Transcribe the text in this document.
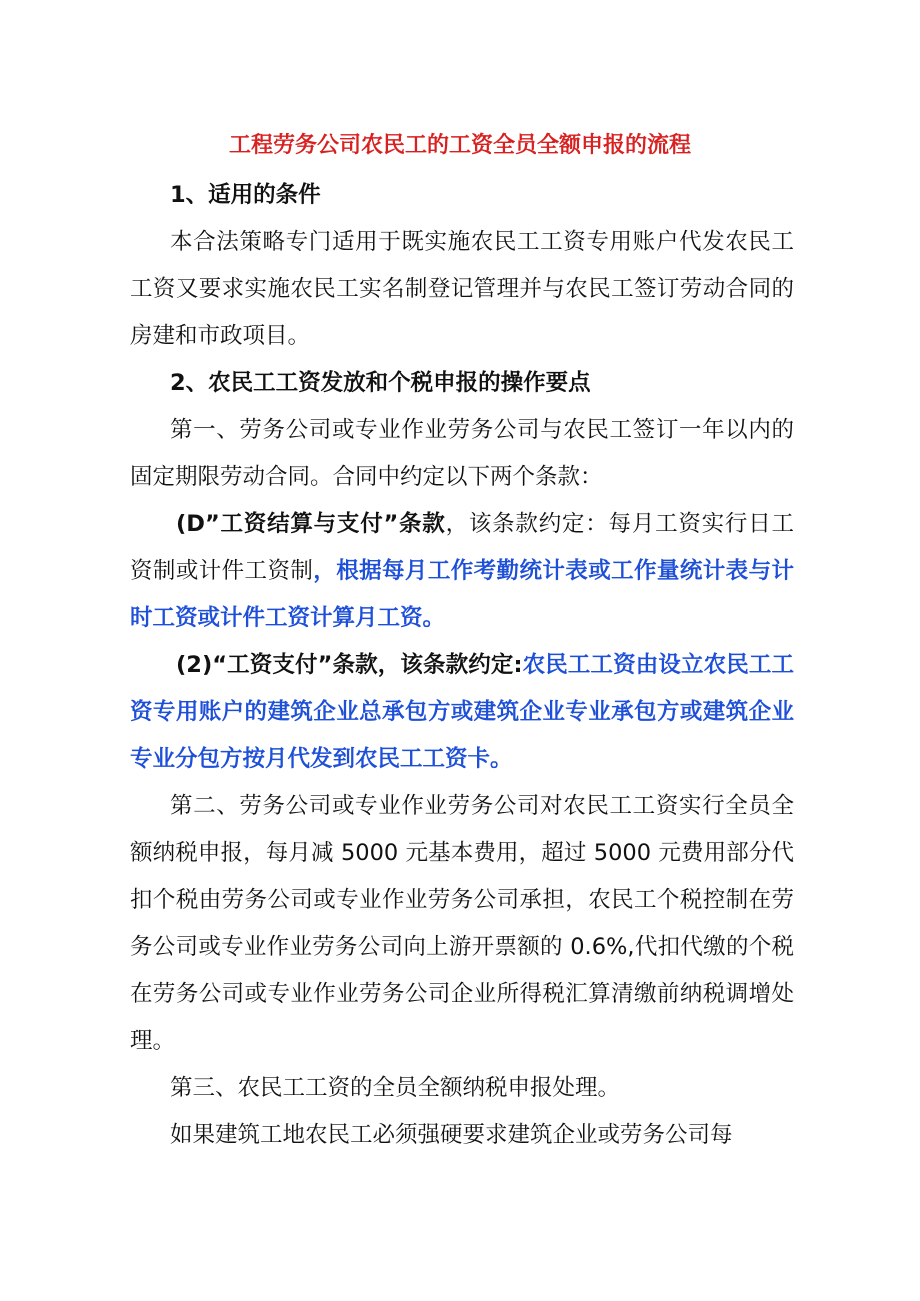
工程劳务公司农民工的工资全员全额申报的流程

1、适用的条件

本合法策略专门适用于既实施农民工工资专用账户代发农民工工资又要求实施农民工实名制登记管理并与农民工签订劳动合同的房建和市政项目。

2、农民工工资发放和个税申报的操作要点

第一、劳务公司或专业作业劳务公司与农民工签订一年以内的固定期限劳动合同。合同中约定以下两个条款：

(D”工资结算与支付”条款，该条款约定：每月工资实行日工资制或计件工资制，根据每月工作考勤统计表或工作量统计表与计时工资或计件工资计算月工资。

(2)“工资支付”条款，该条款约定:农民工工资由设立农民工工资专用账户的建筑企业总承包方或建筑企业专业承包方或建筑企业专业分包方按月代发到农民工工资卡。

第二、劳务公司或专业作业劳务公司对农民工工资实行全员全额纳税申报，每月减 5000 元基本费用，超过 5000 元费用部分代扣个税由劳务公司或专业作业劳务公司承担，农民工个税控制在劳务公司或专业作业劳务公司向上游开票额的 0.6%,代扣代缴的个税在劳务公司或专业作业劳务公司企业所得税汇算清缴前纳税调增处理。

第三、农民工工资的全员全额纳税申报处理。

如果建筑工地农民工必须强硬要求建筑企业或劳务公司每
